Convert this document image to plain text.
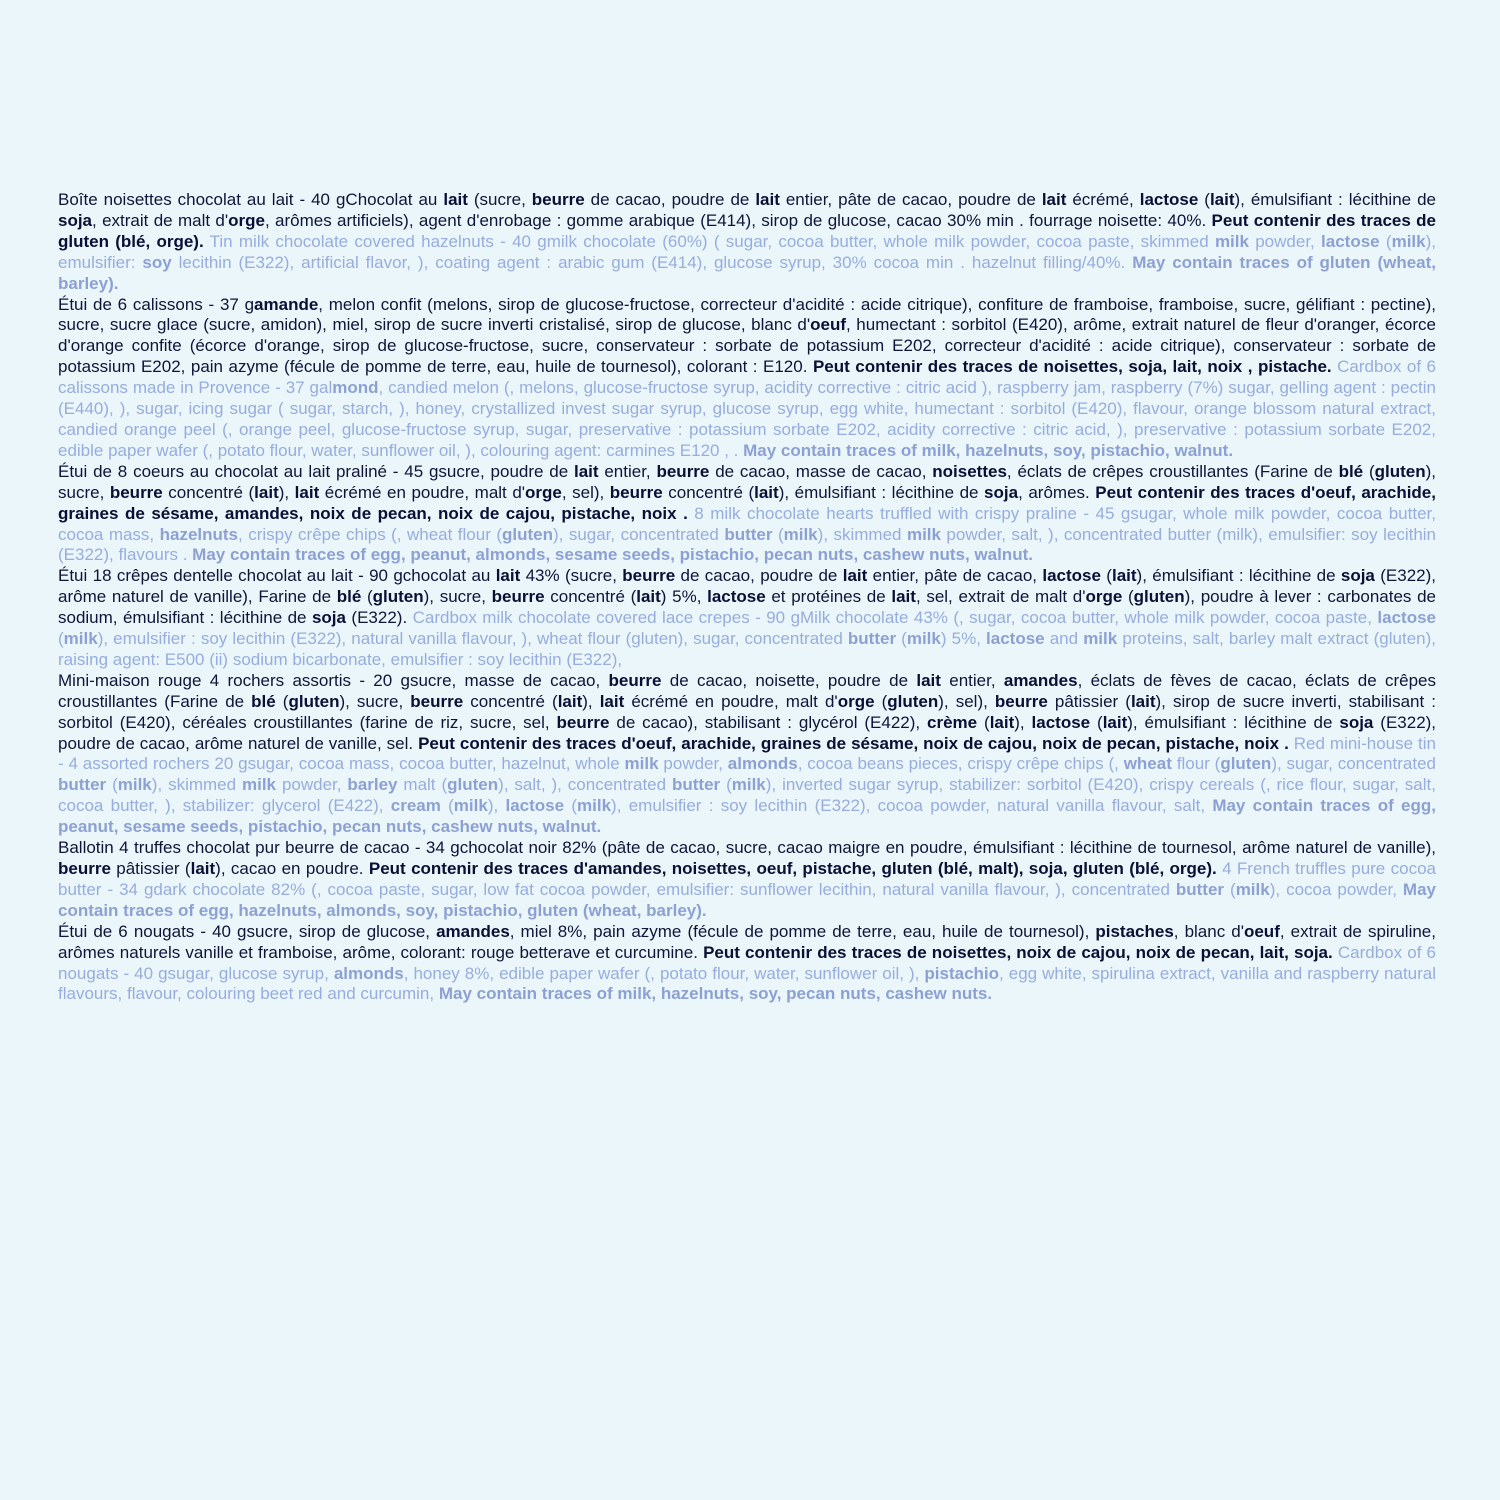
Boîte noisettes chocolat au lait - 40 gChocolat au lait (sucre, beurre de cacao, poudre de lait entier, pâte de cacao, poudre de lait écrémé, lactose (lait), émulsifiant : lécithine de soja, extrait de malt d'orge, arômes artificiels), agent d'enrobage : gomme arabique (E414), sirop de glucose, cacao 30% min . fourrage noisette: 40%. Peut contenir des traces de gluten (blé, orge). Tin milk chocolate covered hazelnuts - 40 gmilk chocolate (60%) ( sugar, cocoa butter, whole milk powder, cocoa paste, skimmed milk powder, lactose (milk), emulsifier: soy lecithin (E322), artificial flavor, ), coating agent : arabic gum (E414), glucose syrup, 30% cocoa min . hazelnut filling/40%. May contain traces of gluten (wheat, barley).

Étui de 6 calissons - 37 gamande, melon confit (melons, sirop de glucose-fructose, correcteur d'acidité : acide citrique), confiture de framboise, framboise, sucre, gélifiant : pectine), sucre, sucre glace (sucre, amidon), miel, sirop de sucre inverti cristalisé, sirop de glucose, blanc d'oeuf, humectant : sorbitol (E420), arôme, extrait naturel de fleur d'oranger, écorce d'orange confite (écorce d'orange, sirop de glucose-fructose, sucre, conservateur : sorbate de potassium E202, correcteur d'acidité : acide citrique), conservateur : sorbate de potassium E202, pain azyme (fécule de pomme de terre, eau, huile de tournesol), colorant : E120. Peut contenir des traces de noisettes, soja, lait, noix , pistache. Cardbox of 6 calissons made in Provence - 37 galmond, candied melon (, melons, glucose-fructose syrup, acidity corrective : citric acid ), raspberry jam, raspberry (7%) sugar, gelling agent : pectin (E440), ), sugar, icing sugar ( sugar, starch, ), honey, crystallized invest sugar syrup, glucose syrup, egg white, humectant : sorbitol (E420), flavour, orange blossom natural extract, candied orange peel (, orange peel, glucose-fructose syrup, sugar, preservative : potassium sorbate E202, acidity corrective : citric acid, ), preservative : potassium sorbate E202, edible paper wafer (, potato flour, water, sunflower oil, ), colouring agent: carmines E120 , . May contain traces of milk, hazelnuts, soy, pistachio, walnut.

Étui de 8 coeurs au chocolat au lait praliné - 45 gsucre, poudre de lait entier, beurre de cacao, masse de cacao, noisettes, éclats de crêpes croustillantes (Farine de blé (gluten), sucre, beurre concentré (lait), lait écrémé en poudre, malt d'orge, sel), beurre concentré (lait), émulsifiant : lécithine de soja, arômes. Peut contenir des traces d'oeuf, arachide, graines de sésame, amandes, noix de pecan, noix de cajou, pistache, noix . 8 milk chocolate hearts truffled with crispy praline - 45 gsugar, whole milk powder, cocoa butter, cocoa mass, hazelnuts, crispy crêpe chips (, wheat flour (gluten), sugar, concentrated butter (milk), skimmed milk powder, salt, ), concentrated butter (milk), emulsifier: soy lecithin (E322), flavours . May contain traces of egg, peanut, almonds, sesame seeds, pistachio, pecan nuts, cashew nuts, walnut.

Étui 18 crêpes dentelle chocolat au lait - 90 gchocolat au lait 43% (sucre, beurre de cacao, poudre de lait entier, pâte de cacao, lactose (lait), émulsifiant : lécithine de soja (E322), arôme naturel de vanille), Farine de blé (gluten), sucre, beurre concentré (lait) 5%, lactose et protéines de lait, sel, extrait de malt d'orge (gluten), poudre à lever : carbonates de sodium, émulsifiant : lécithine de soja (E322). Cardbox milk chocolate covered lace crepes - 90 gMilk chocolate 43% (, sugar, cocoa butter, whole milk powder, cocoa paste, lactose (milk), emulsifier : soy lecithin (E322), natural vanilla flavour, ), wheat flour (gluten), sugar, concentrated butter (milk) 5%, lactose and milk proteins, salt, barley malt extract (gluten), raising agent: E500 (ii) sodium bicarbonate, emulsifier : soy lecithin (E322),

Mini-maison rouge 4 rochers assortis - 20 gsucre, masse de cacao, beurre de cacao, noisette, poudre de lait entier, amandes, éclats de fèves de cacao, éclats de crêpes croustillantes (Farine de blé (gluten), sucre, beurre concentré (lait), lait écrémé en poudre, malt d'orge (gluten), sel), beurre pâtissier (lait), sirop de sucre inverti, stabilisant : sorbitol (E420), céréales croustillantes (farine de riz, sucre, sel, beurre de cacao), stabilisant : glycérol (E422), crème (lait), lactose (lait), émulsifiant : lécithine de soja (E322), poudre de cacao, arôme naturel de vanille, sel. Peut contenir des traces d'oeuf, arachide, graines de sésame, noix de cajou, noix de pecan, pistache, noix . Red mini-house tin - 4 assorted rochers 20 gsugar, cocoa mass, cocoa butter, hazelnut, whole milk powder, almonds, cocoa beans pieces, crispy crêpe chips (, wheat flour (gluten), sugar, concentrated butter (milk), skimmed milk powder, barley malt (gluten), salt, ), concentrated butter (milk), inverted sugar syrup, stabilizer: sorbitol (E420), crispy cereals (, rice flour, sugar, salt, cocoa butter, ), stabilizer: glycerol (E422), cream (milk), lactose (milk), emulsifier : soy lecithin (E322), cocoa powder, natural vanilla flavour, salt, May contain traces of egg, peanut, sesame seeds, pistachio, pecan nuts, cashew nuts, walnut.

Ballotin 4 truffes chocolat pur beurre de cacao - 34 gchocolat noir 82% (pâte de cacao, sucre, cacao maigre en poudre, émulsifiant : lécithine de tournesol, arôme naturel de vanille), beurre pâtissier (lait), cacao en poudre. Peut contenir des traces d'amandes, noisettes, oeuf, pistache, gluten (blé, malt), soja, gluten (blé, orge). 4 French truffles pure cocoa butter - 34 gdark chocolate 82% (, cocoa paste, sugar, low fat cocoa powder, emulsifier: sunflower lecithin, natural vanilla flavour, ), concentrated butter (milk), cocoa powder, May contain traces of egg, hazelnuts, almonds, soy, pistachio, gluten (wheat, barley).

Étui de 6 nougats - 40 gsucre, sirop de glucose, amandes, miel 8%, pain azyme (fécule de pomme de terre, eau, huile de tournesol), pistaches, blanc d'oeuf, extrait de spiruline, arômes naturels vanille et framboise, arôme, colorant: rouge betterave et curcumine. Peut contenir des traces de noisettes, noix de cajou, noix de pecan, lait, soja. Cardbox of 6 nougats - 40 gsugar, glucose syrup, almonds, honey 8%, edible paper wafer (, potato flour, water, sunflower oil, ), pistachio, egg white, spirulina extract, vanilla and raspberry natural flavours, flavour, colouring beet red and curcumin, May contain traces of milk, hazelnuts, soy, pecan nuts, cashew nuts.
